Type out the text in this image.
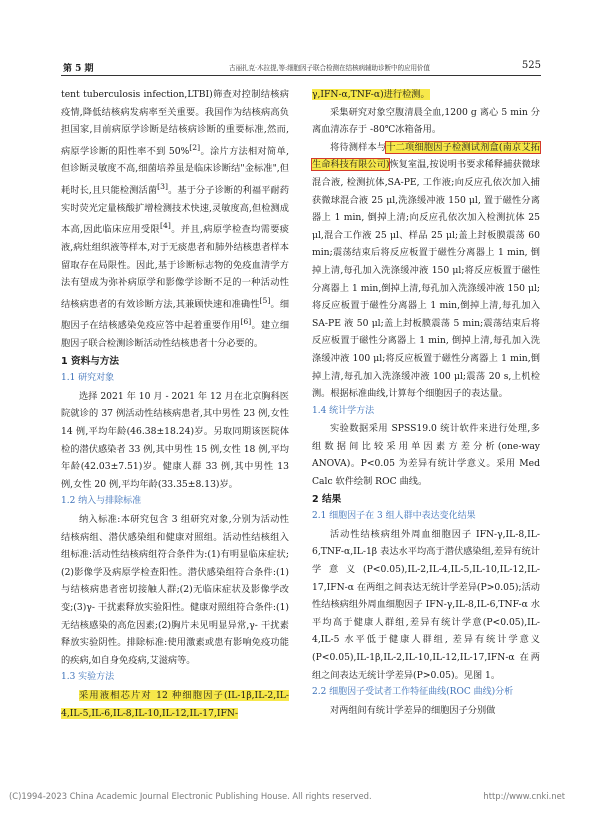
第 5 期	古丽扎克·木拉提,等:细胞因子联合检测在结核病辅助诊断中的应用价值	525

tent tuberculosis infection,LTBI)筛查对控制结核病疫情,降低结核病发病率至关重要。我国作为结核病高负担国家,目前病原学诊断是结核病诊断的重要标准,然而,病原学诊断的阳性率不到 50%[2]。涂片方法相对简单,但诊断灵敏度不高,细菌培养虽是临床诊断结"金标准",但耗时长,且只能检测活菌[3]。基于分子诊断的利福平耐药实时荧光定量核酸扩增检测技术快速,灵敏度高,但检测成本高,因此临床应用受限[4]。并且,病原学检查均需要痰液,病灶组织液等样本,对于无痰患者和肺外结核患者样本留取存在局限性。因此,基于诊断标志物的免疫血清学方法有望成为弥补病原学和影像学诊断不足的一种活动性结核病患者的有效诊断方法,其兼顾快速和准确性[5]。细胞因子在结核感染免疫应答中起着重要作用[6]。建立细胞因子联合检测诊断活动性结核患者十分必要的。

1 资料与方法

1.1 研究对象

选择 2021 年 10 月 - 2021 年 12 月在北京胸科医院就诊的 37 例活动性结核病患者,其中男性 23 例,女性 14 例,平均年龄(46.38±18.24)岁。另取同期该医院体检的潜伏感染者 33 例,其中男性 15 例,女性 18 例,平均年龄(42.03±7.51)岁。健康人群 33 例,其中男性 13 例,女性 20 例,平均年龄(33.35±8.13)岁。

1.2 纳入与排除标准

纳入标准:本研究包含 3 组研究对象,分别为活动性结核病组、潜伏感染组和健康对照组。活动性结核组入组标准:活动性结核病组符合条件为:(1)有明显临床症状;(2)影像学及病原学检查阳性。潜伏感染组符合条件:(1)与结核病患者密切接触人群;(2)无临床症状及影像学改变;(3)γ- 干扰素释放实验阳性。健康对照组符合条件:(1)无结核感染的高危因素;(2)胸片未见明显异常,γ- 干扰素释放实验阴性。排除标准:使用激素或患有影响免疫功能的疾病,如自身免疫病,艾滋病等。

1.3 实验方法

采用液相芯片对 12 种细胞因子(IL-1β,IL-2,IL-4,IL-5,IL-6,IL-8,IL-10,IL-12,IL-17,IFN-

γ,IFN-α,TNF-α)进行检测。

采集研究对象空腹清晨全血,1200 g 离心 5 min 分离血清冻存于 -80℃冰箱备用。

将待测样本与十二项细胞因子检测试剂盒(南京艾拓生命科技有限公司)恢复室温,按说明书要求稀释捕获微球混合液, 检测抗体,SA-PE, 工作液;向反应孔依次加入捕获微球混合液 25 μl,洗涤缓冲液 150 μl, 置于磁性分离器上 1 min, 倒掉上清;向反应孔依次加入检测抗体 25 μl,混合工作液 25 μl、样品 25 μl;盖上封板膜震荡 60 min;震荡结束后将反应板置于磁性分离器上 1 min, 倒掉上清,每孔加入洗涤缓冲液 150 μl;将反应板置于磁性分离器上 1 min,倒掉上清,每孔加入洗涤缓冲液 150 μl;将反应板置于磁性分离器上 1 min,倒掉上清,每孔加入 SA-PE 液 50 μl;盖上封板膜震荡 5 min;震荡结束后将反应板置于磁性分离器上 1 min, 倒掉上清,每孔加入洗涤缓冲液 100 μl;将反应板置于磁性分离器上 1 min,倒掉上清,每孔加入洗涤缓冲液 100 μl;震荡 20 s,上机检测。根据标准曲线,计算每个细胞因子的表达量。

1.4 统计学方法

实验数据采用 SPSS19.0 统计软件来进行处理,多组数据间比较采用单因素方差分析(one-way ANOVA)。P<0.05 为差异有统计学意义。采用 Med Calc 软件绘制 ROC 曲线。

2 结果

2.1 细胞因子在 3 组人群中表达变化结果

活动性结核病组外周血细胞因子 IFN-γ,IL-8,IL-6,TNF-α,IL-1β 表达水平均高于潜伏感染组,差异有统计学意义(P<0.05),IL-2,IL-4,IL-5,IL-10,IL-12,IL-17,IFN-α 在两组之间表达无统计学差异(P>0.05);活动性结核病组外周血细胞因子 IFN-γ,IL-8,IL-6,TNF-α 水平均高于健康人群组,差异有统计学意(P<0.05),IL-4,IL-5 水平低于健康人群组, 差异有统计学意义(P<0.05),IL-1β,IL-2,IL-10,IL-12,IL-17,IFN-α 在两组之间表达无统计学差异(P>0.05)。见图 1。

2.2 细胞因子受试者工作特征曲线(ROC 曲线)分析

对两组间有统计学差异的细胞因子分别做

(C)1994-2023 China Academic Journal Electronic Publishing House. All rights reserved.	http://www.cnki.net
